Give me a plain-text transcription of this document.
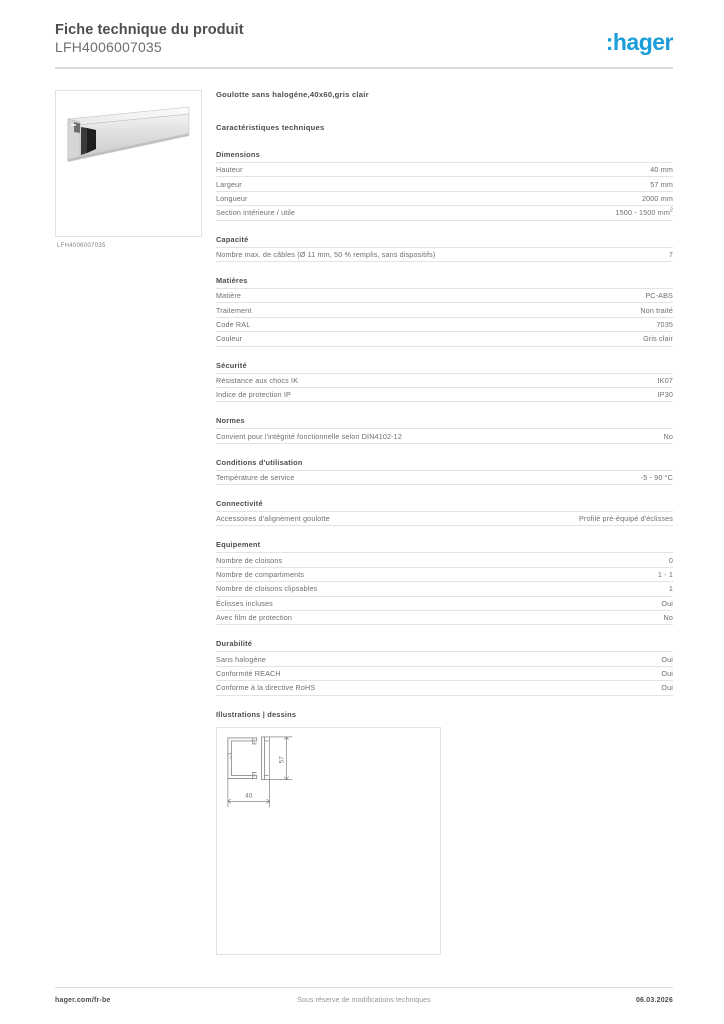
Fiche technique du produit
LFH4006007035	:hager
LFH4006007035
Goulotte sans halogéne,40x60,gris clair
Caractéristiques techniques
Dimensions
Hauteur	40 mm
Largeur	57 mm
Longueur	2000 mm
Section intérieure / utile	1500 - 1500 $mm^2$
Capacité
Nombre max. de câbles (Ø 11 mm, 50 % remplis, sans dispositifs)	7
Matières
Matière	PC-ABS
Traitement	Non traité
Code RAL	7035
Couleur	Gris clair
Sécurité
Résistance aux chocs IK	IK07
Indice de protection IP	IP30
Normes
Convient pour l'intégrité fonctionnelle selon DIN4102-12	No
Conditions d'utilisation
Température de service	-5 - 90 °C
Connectivité
Accessoires d'alignement goulotte	Profilé pré-équipé d'éclisses
Equipement
Nombre de cloisons	0
Nombre de compartiments	1 - 1
Nombre de cloisons clipsables	1
Éclisses incluses	Oui
Avec film de protection	No
Durabilité
Sans halogène	Oui
Conformité REACH	Oui
Conforme à la directive RoHS	Oui
Illustrations | dessins
57
40
1
1
1
hager.com/fr-be	Sous réserve de modifications techniques	06.03.2026
